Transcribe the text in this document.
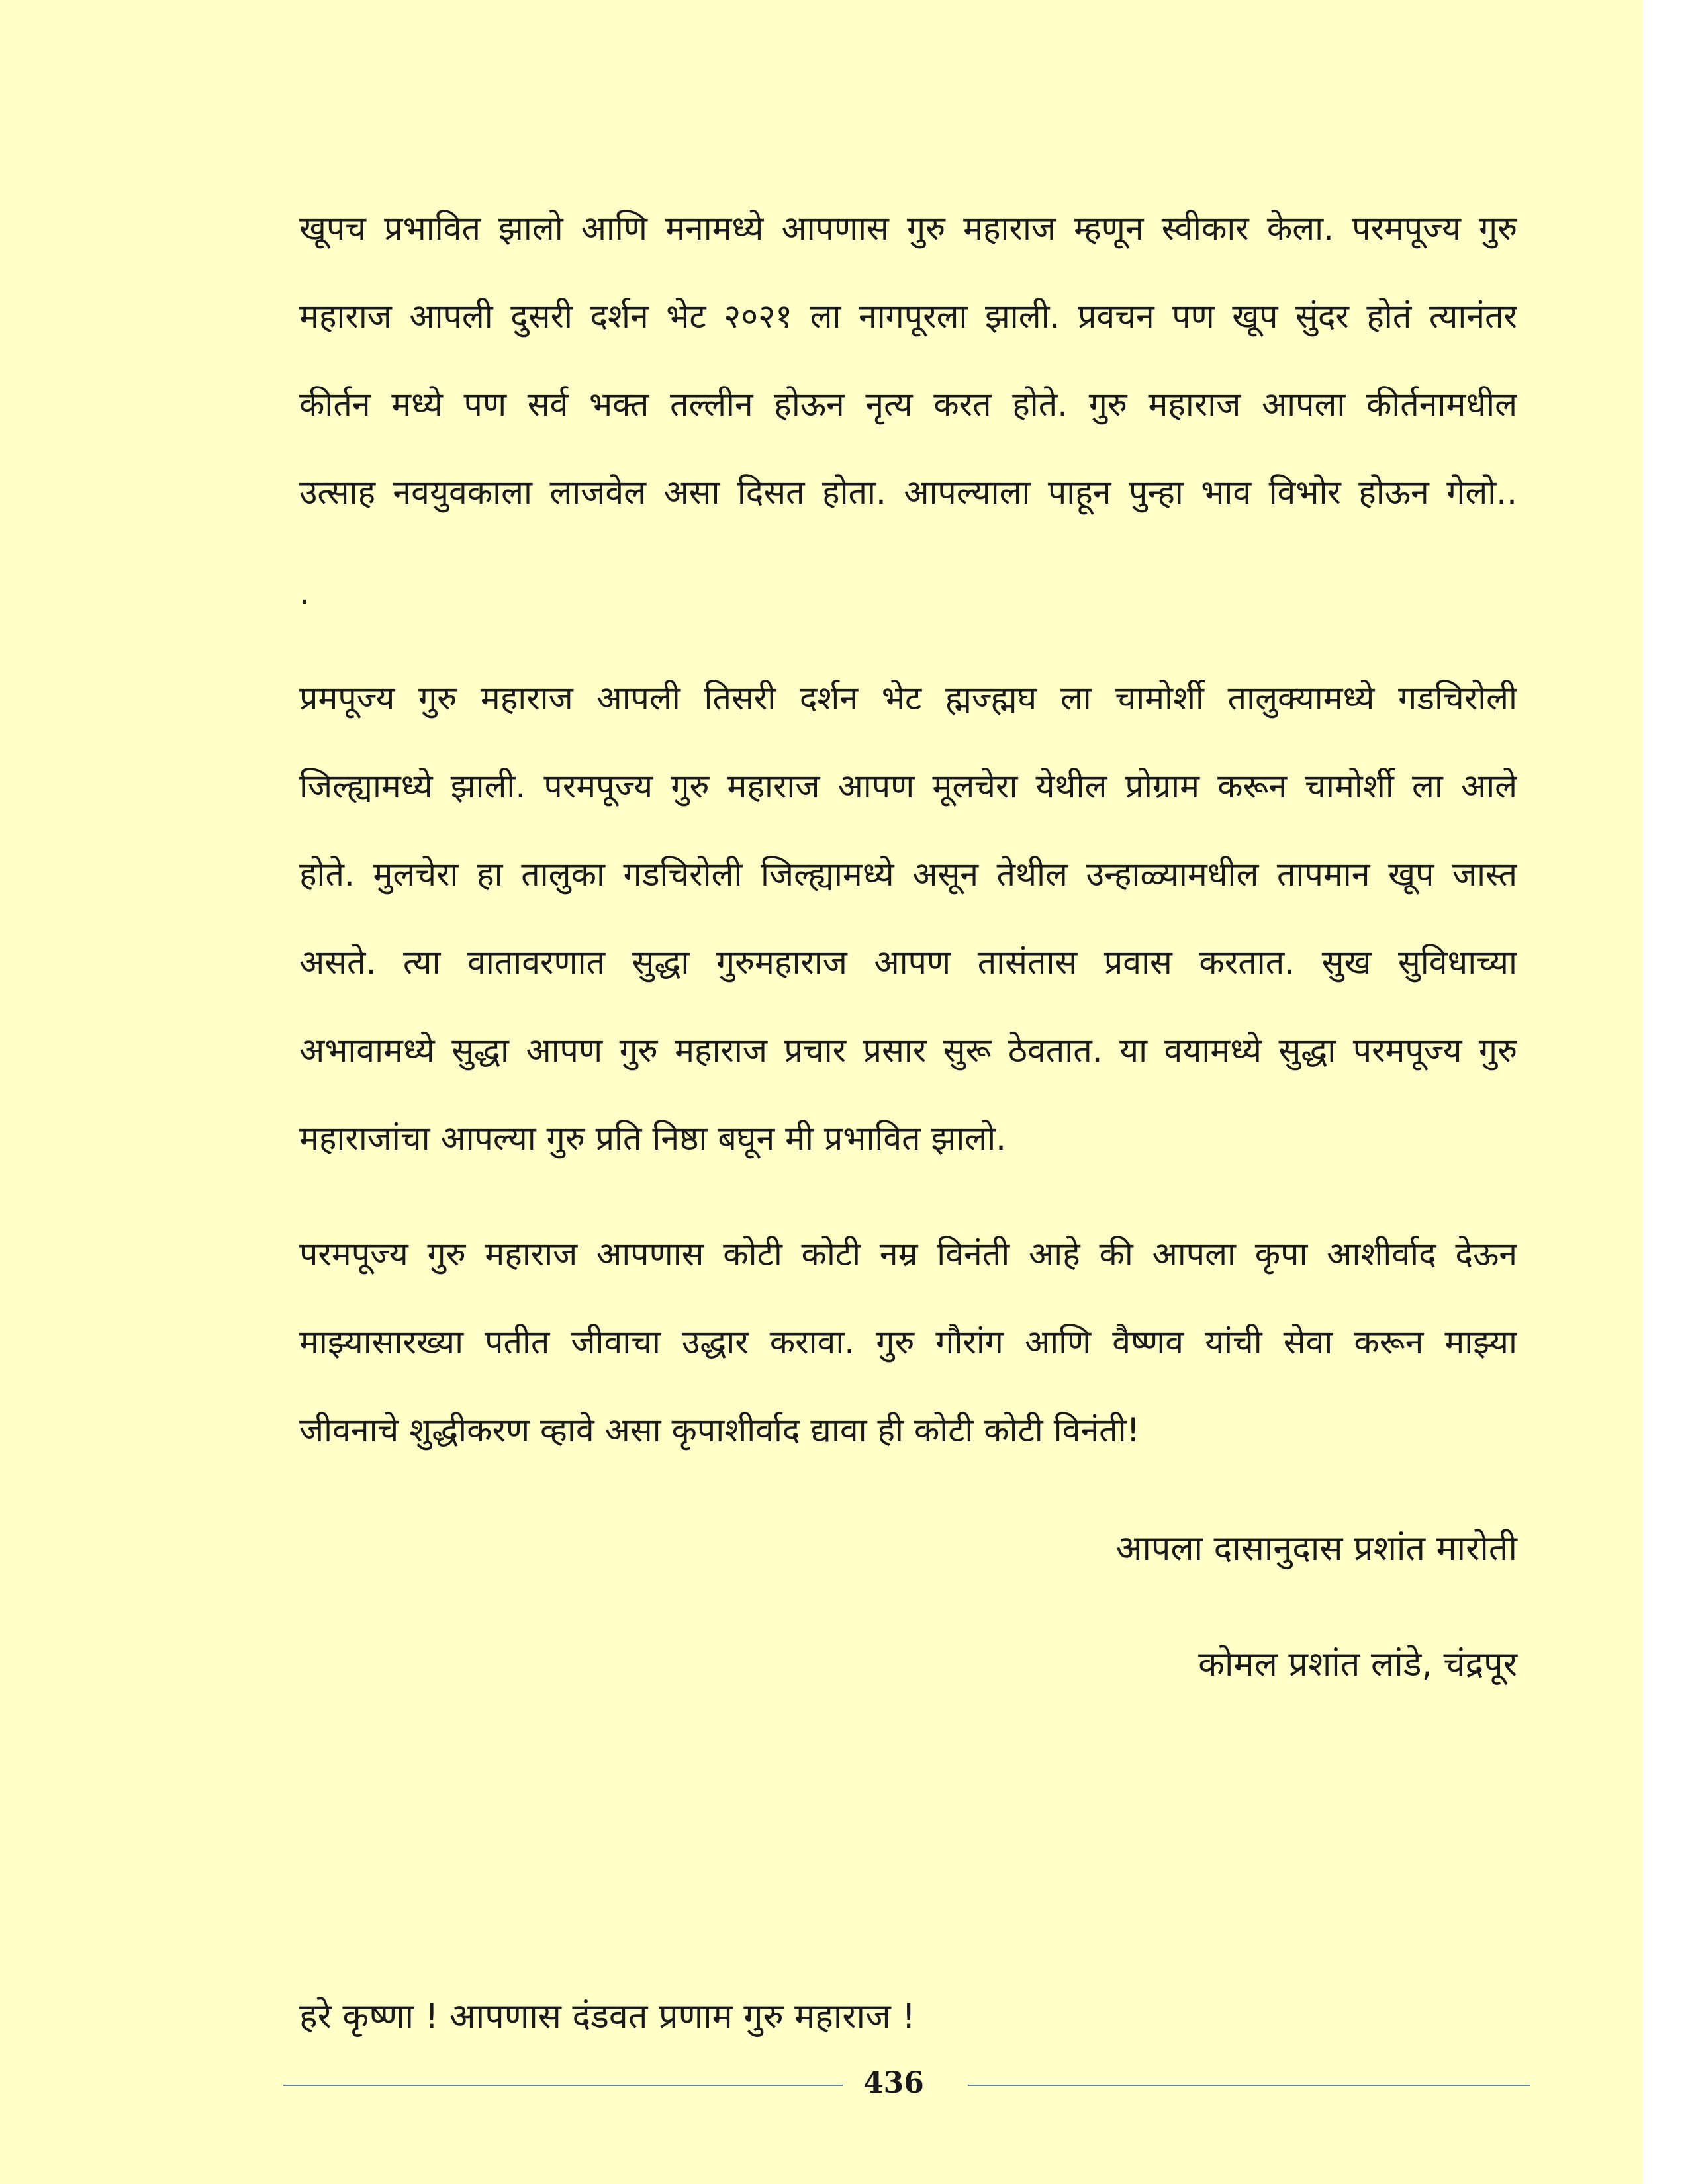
खूपच प्रभावित झालो आणि मनामध्ये आपणास गुरु महाराज म्हणून स्वीकार केला. परमपूज्य गुरु
महाराज आपली दुसरी दर्शन भेट २०२१ ला नागपूरला झाली. प्रवचन पण खूप सुंदर होतं त्यानंतर
कीर्तन मध्ये पण सर्व भक्त तल्लीन होऊन नृत्य करत होते. गुरु महाराज आपला कीर्तनामधील
उत्साह नवयुवकाला लाजवेल असा दिसत होता. आपल्याला पाहून पुन्हा भाव विभोर होऊन गेलो..
.
प्रमपूज्य गुरु महाराज आपली तिसरी दर्शन भेट ह्मज्ह्मघ ला चामोर्शी तालुक्यामध्ये गडचिरोली
जिल्ह्यामध्ये झाली. परमपूज्य गुरु महाराज आपण मूलचेरा येथील प्रोग्राम करून चामोर्शी ला आले
होते. मुलचेरा हा तालुका गडचिरोली जिल्ह्यामध्ये असून तेथील उन्हाळ्यामधील तापमान खूप जास्त
असते. त्या वातावरणात सुद्धा गुरुमहाराज आपण तासंतास प्रवास करतात. सुख सुविधाच्या
अभावामध्ये सुद्धा आपण गुरु महाराज प्रचार प्रसार सुरू ठेवतात. या वयामध्ये सुद्धा परमपूज्य गुरु
महाराजांचा आपल्या गुरु प्रति निष्ठा बघून मी प्रभावित झालो.
परमपूज्य गुरु महाराज आपणास कोटी कोटी नम्र विनंती आहे की आपला कृपा आशीर्वाद देऊन
माझ्यासारख्या पतीत जीवाचा उद्धार करावा. गुरु गौरांग आणि वैष्णव यांची सेवा करून माझ्या
जीवनाचे शुद्धीकरण व्हावे असा कृपाशीर्वाद द्यावा ही कोटी कोटी विनंती!
आपला दासानुदास प्रशांत मारोती
कोमल प्रशांत लांडे, चंद्रपूर
हरे कृष्णा ! आपणास दंडवत प्रणाम गुरु महाराज !
436
